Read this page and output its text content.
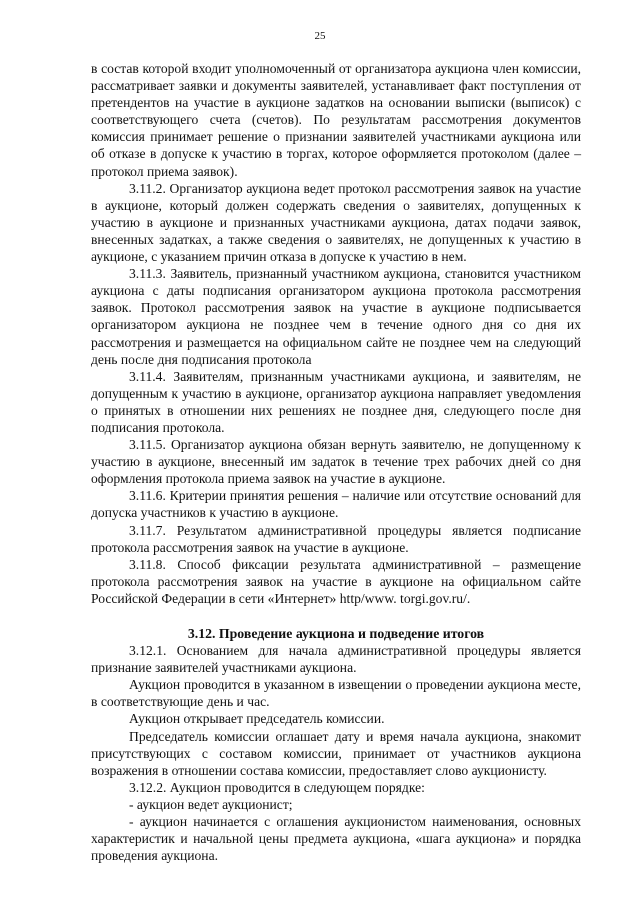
25

в состав которой входит уполномоченный от организатора аукциона член комиссии, рассматривает заявки и документы заявителей, устанавливает факт поступления от претендентов на участие в аукционе задатков на основании выписки (выписок) с соответствующего счета (счетов). По результатам рассмотрения документов комиссия принимает решение о признании заявителей участниками аукциона или об отказе в допуске к участию в торгах, которое оформляется протоколом (далее – протокол приема заявок).

3.11.2. Организатор аукциона ведет протокол рассмотрения заявок на участие в аукционе, который должен содержать сведения о заявителях, допущенных к участию в аукционе и признанных участниками аукциона, датах подачи заявок, внесенных задатках, а также сведения о заявителях, не допущенных к участию в аукционе, с указанием причин отказа в допуске к участию в нем.

3.11.3. Заявитель, признанный участником аукциона, становится участником аукциона с даты подписания организатором аукциона протокола рассмотрения заявок. Протокол рассмотрения заявок на участие в аукционе подписывается организатором аукциона не позднее чем в течение одного дня со дня их рассмотрения и размещается на официальном сайте не позднее чем на следующий день после дня подписания протокола

3.11.4. Заявителям, признанным участниками аукциона, и заявителям, не допущенным к участию в аукционе, организатор аукциона направляет уведомления о принятых в отношении них решениях не позднее дня, следующего после дня подписания протокола.

3.11.5. Организатор аукциона обязан вернуть заявителю, не допущенному к участию в аукционе, внесенный им задаток в течение трех рабочих дней со дня оформления протокола приема заявок на участие в аукционе.

3.11.6. Критерии принятия решения – наличие или отсутствие оснований для допуска участников к участию в аукционе.

3.11.7. Результатом административной процедуры является подписание протокола рассмотрения заявок на участие в аукционе.

3.11.8. Способ фиксации результата административной – размещение протокола рассмотрения заявок на участие в аукционе на официальном сайте Российской Федерации в сети «Интернет» http/www. torgi.gov.ru/.

3.12. Проведение аукциона и подведение итогов

3.12.1. Основанием для начала административной процедуры является признание заявителей участниками аукциона.

Аукцион проводится в указанном в извещении о проведении аукциона месте, в соответствующие день и час.

Аукцион открывает председатель комиссии.

Председатель комиссии оглашает дату и время начала аукциона, знакомит присутствующих с составом комиссии, принимает от участников аукциона возражения в отношении состава комиссии, предоставляет слово аукционисту.

3.12.2. Аукцион проводится в следующем порядке:

- аукцион ведет аукционист;

- аукцион начинается с оглашения аукционистом наименования, основных характеристик и начальной цены предмета аукциона, «шага аукциона» и порядка проведения аукциона.
